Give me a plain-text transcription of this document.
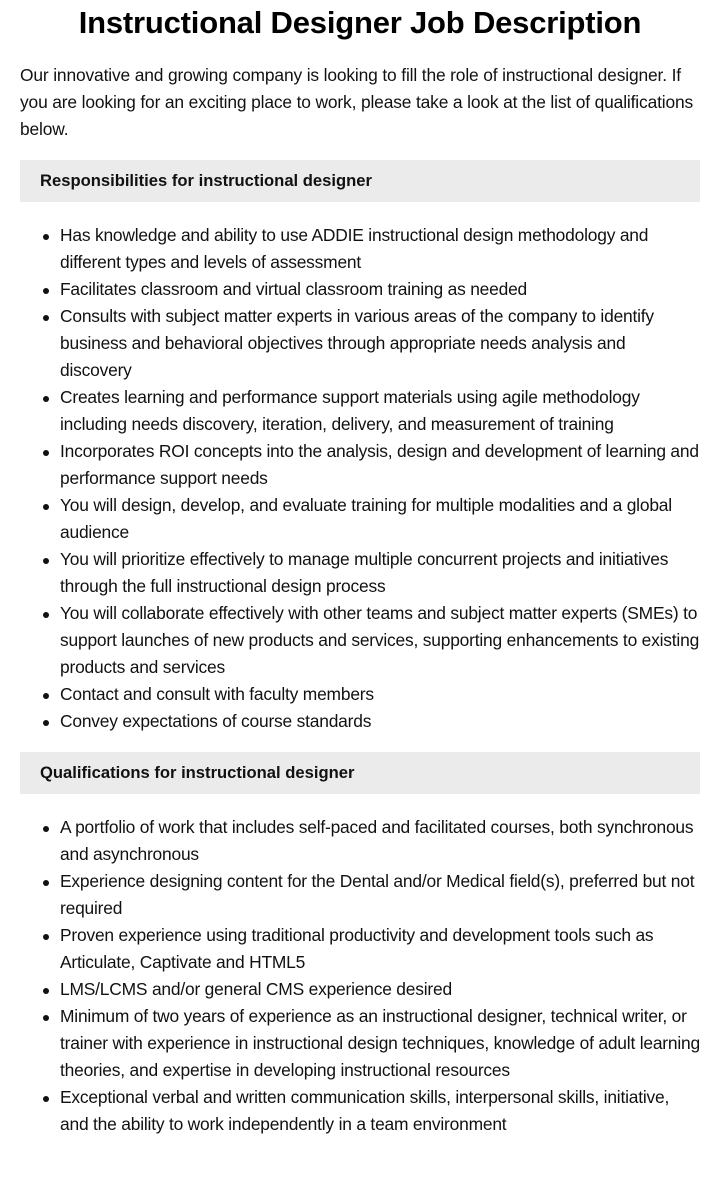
Instructional Designer Job Description

Our innovative and growing company is looking to fill the role of instructional designer. If you are looking for an exciting place to work, please take a look at the list of qualifications below.

Responsibilities for instructional designer
Has knowledge and ability to use ADDIE instructional design methodology and different types and levels of assessment
Facilitates classroom and virtual classroom training as needed
Consults with subject matter experts in various areas of the company to identify business and behavioral objectives through appropriate needs analysis and discovery
Creates learning and performance support materials using agile methodology including needs discovery, iteration, delivery, and measurement of training
Incorporates ROI concepts into the analysis, design and development of learning and performance support needs
You will design, develop, and evaluate training for multiple modalities and a global audience
You will prioritize effectively to manage multiple concurrent projects and initiatives through the full instructional design process
You will collaborate effectively with other teams and subject matter experts (SMEs) to support launches of new products and services, supporting enhancements to existing products and services
Contact and consult with faculty members
Convey expectations of course standards
Qualifications for instructional designer
A portfolio of work that includes self-paced and facilitated courses, both synchronous and asynchronous
Experience designing content for the Dental and/or Medical field(s), preferred but not required
Proven experience using traditional productivity and development tools such as Articulate, Captivate and HTML5
LMS/LCMS and/or general CMS experience desired
Minimum of two years of experience as an instructional designer, technical writer, or trainer with experience in instructional design techniques, knowledge of adult learning theories, and expertise in developing instructional resources
Exceptional verbal and written communication skills, interpersonal skills, initiative, and the ability to work independently in a team environment
